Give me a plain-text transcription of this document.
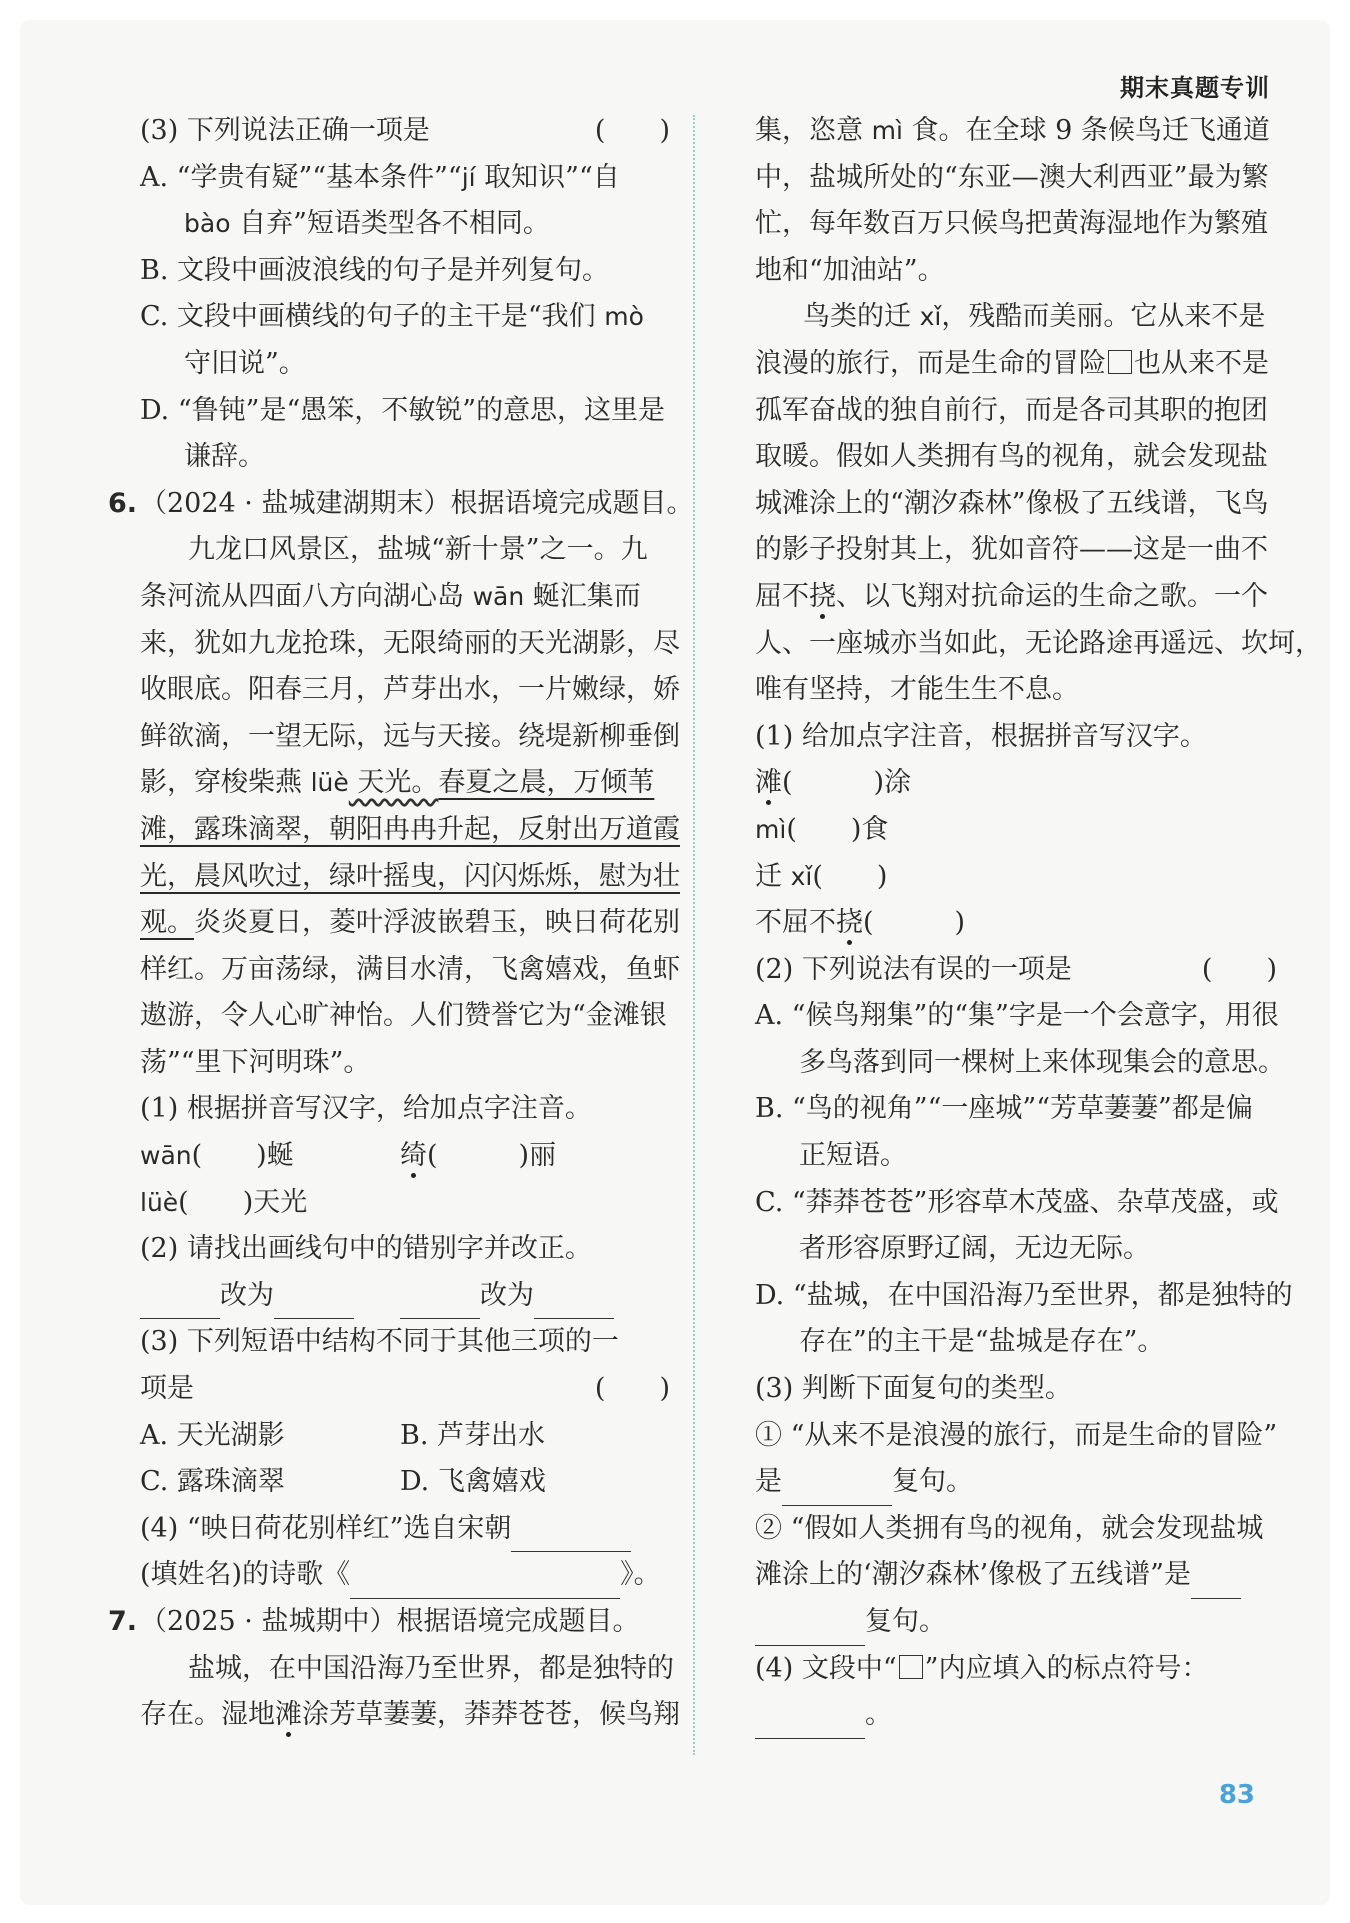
期末真题专训
(3) 下列说法正确一项是	(　　)
A. “学贵有疑”“基本条件”“jí 取知识”“自
bào 自弃”短语类型各不相同。
B. 文段中画波浪线的句子是并列复句。
C. 文段中画横线的句子的主干是“我们 mò
守旧说”。
D. “鲁钝”是“愚笨，不敏锐”的意思，这里是
谦辞。
6. （2024 · 盐城建湖期末）根据语境完成题目。
九龙口风景区，盐城“新十景”之一。九
条河流从四面八方向湖心岛 wān 蜒汇集而
来，犹如九龙抢珠，无限绮丽的天光湖影，尽
收眼底。阳春三月，芦芽出水，一片嫩绿，娇
鲜欲滴，一望无际，远与天接。绕堤新柳垂倒
影，穿梭柴燕 lüè 天光。春夏之晨，万倾苇
滩，露珠滴翠，朝阳冉冉升起，反射出万道霞
光，晨风吹过，绿叶摇曳，闪闪烁烁，慰为壮
观。炎炎夏日，菱叶浮波嵌碧玉，映日荷花别
样红。万亩荡绿，满目水清，飞禽嬉戏，鱼虾
遨游，令人心旷神怡。人们赞誉它为“金滩银
荡”“里下河明珠”。
(1) 根据拼音写汉字，给加点字注音。
wān(　　)蜒	绮(　　　)丽
lüè(　　)天光
(2) 请找出画线句中的错别字并改正。
改为	改为
(3) 下列短语中结构不同于其他三项的一
项是	(　　)
A. 天光湖影	B. 芦芽出水
C. 露珠滴翠	D. 飞禽嬉戏
(4) “映日荷花别样红”选自宋朝
(填姓名)的诗歌《	》。
7. （2025 · 盐城期中）根据语境完成题目。
盐城，在中国沿海乃至世界，都是独特的
存在。湿地滩涂芳草萋萋，莽莽苍苍，候鸟翔
集，恣意 mì 食。在全球 9 条候鸟迁飞通道
中，盐城所处的“东亚—澳大利西亚”最为繁
忙，每年数百万只候鸟把黄海湿地作为繁殖
地和“加油站”。
鸟类的迁 xǐ，残酷而美丽。它从来不是
浪漫的旅行，而是生命的冒险 也从来不是
孤军奋战的独自前行，而是各司其职的抱团
取暖。假如人类拥有鸟的视角，就会发现盐
城滩涂上的“潮汐森林”像极了五线谱，飞鸟
的影子投射其上，犹如音符——这是一曲不
屈不挠、以飞翔对抗命运的生命之歌。一个
人、一座城亦当如此，无论路途再遥远、坎坷，
唯有坚持，才能生生不息。
(1) 给加点字注音，根据拼音写汉字。
滩(　　　)涂
mì(　　)食
迁 xǐ(　　)
不屈不挠(　　　)
(2) 下列说法有误的一项是	(　　)
A. “候鸟翔集”的“集”字是一个会意字，用很
多鸟落到同一棵树上来体现集会的意思。
B. “鸟的视角”“一座城”“芳草萋萋”都是偏
正短语。
C. “莽莽苍苍”形容草木茂盛、杂草茂盛，或
者形容原野辽阔，无边无际。
D. “盐城，在中国沿海乃至世界，都是独特的
存在”的主干是“盐城是存在”。
(3) 判断下面复句的类型。
① “从来不是浪漫的旅行，而是生命的冒险”
是	复句。
② “假如人类拥有鸟的视角，就会发现盐城
滩涂上的‘潮汐森林’像极了五线谱”是
复句。
(4) 文段中“ ”内应填入的标点符号：
。
83
